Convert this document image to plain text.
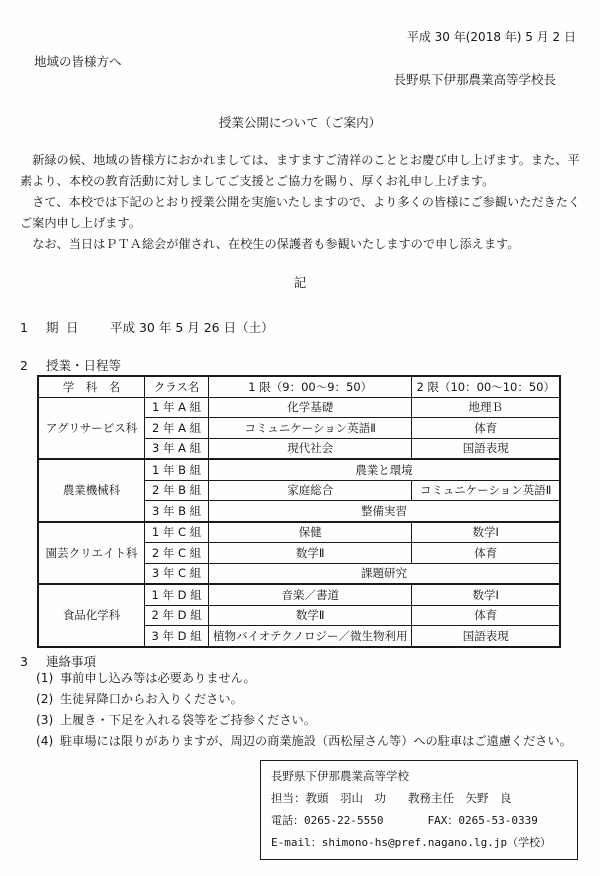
平成 30 年(2018 年) 5 月 2 日
地域の皆様方へ
長野県下伊那農業高等学校長
授業公開について（ご案内）
新緑の候、地域の皆様方におかれましては、ますますご清祥のこととお慶び申し上げます。また、平素より、本校の教育活動に対しましてご支援とご協力を賜り、厚くお礼申し上げます。
さて、本校では下記のとおり授業公開を実施いたしますので、より多くの皆様にご参観いただきたくご案内申し上げます。
なお、当日はＰＴＡ総会が催され、在校生の保護者も参観いたしますので申し添えます。
記
1 期日 平成 30 年 5 月 26 日（土）
2 授業・日程等
学　科　名	クラス名	1 限（9：00～9：50）	2 限（10：00～10：50）
アグリサービス科	1 年 A 組	化学基礎	地理Ｂ
	2 年 A 組	コミュニケーション英語Ⅱ	体育
	3 年 A 組	現代社会	国語表現
農業機械科	1 年 B 組	農業と環境	
	2 年 B 組	家庭総合	コミュニケーション英語Ⅱ
	3 年 B 組	整備実習	
園芸クリエイト科	1 年 C 組	保健	数学Ⅰ
	2 年 C 組	数学Ⅱ	体育
	3 年 C 組	課題研究	
食品化学科	1 年 D 組	音楽／書道	数学Ⅰ
	2 年 D 組	数学Ⅱ	体育
	3 年 D 組	植物バイオテクノロジー／微生物利用	国語表現
3 連絡事項
(1) 事前申し込み等は必要ありません。
(2) 生徒昇降口からお入りください。
(3) 上履き・下足を入れる袋等をご持参ください。
(4) 駐車場には限りがありますが、周辺の商業施設（西松屋さん等）への駐車はご遠慮ください。
長野県下伊那農業高等学校
担当：教頭　羽山　功 教務主任　矢野　良
電話：0265-22-5550	FAX：0265-53-0339
E-mail：shimono-hs@pref.nagano.lg.jp（学校）
